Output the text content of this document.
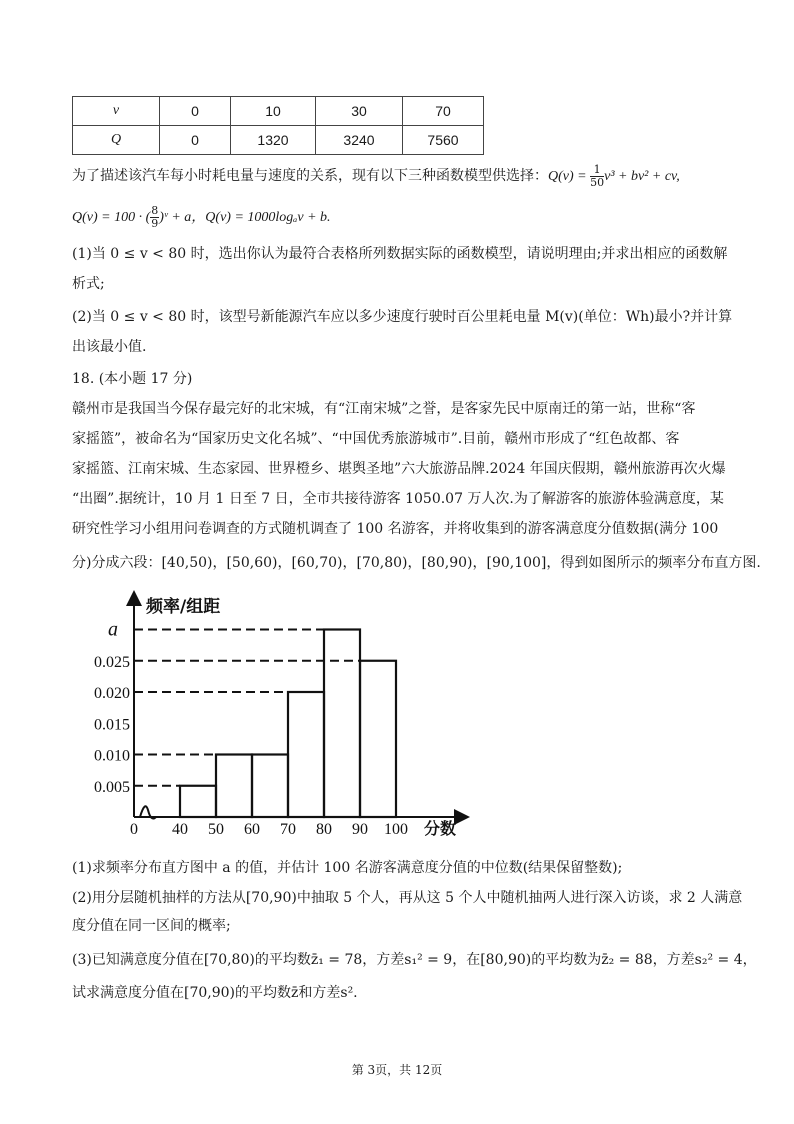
v	0	10	30	70
Q	0	1320	3240	7560
为了描述该汽车每小时耗电量与速度的关系，现有以下三种函数模型供选择：$Q(v) = \frac{1}{50} v^3 + bv^2$ + cv,
Q(v) = 100 · ( $\frac{8}{9}$ )ᵛ + a，Q(v) = 1000logₐv + b.
(1)当 0 ≤ v < 80 时，选出你认为最符合表格所列数据实际的函数模型，请说明理由;并求出相应的函数解
析式;
(2)当 0 ≤ v < 80 时，该型号新能源汽车应以多少速度行驶时百公里耗电量 M(v)(单位：Wh)最小?并计算
出该最小值.
18. (本小题 17 分)
赣州市是我国当今保存最完好的北宋城，有“江南宋城”之誉，是客家先民中原南迁的第一站，世称“客
家摇篮”，被命名为“国家历史文化名城”、“中国优秀旅游城市”.目前，赣州市形成了“红色故都、客
家摇篮、江南宋城、生态家园、世界橙乡、堪舆圣地”六大旅游品牌.2024 年国庆假期，赣州旅游再次火爆
“出圈”.据统计，10 月 1 日至 7 日，全市共接待游客 1050.07 万人次.为了解游客的旅游体验满意度，某
研究性学习小组用问卷调查的方式随机调查了 100 名游客，并将收集到的游客满意度分值数据(满分 100
分)分成六段：[40,50)，[50,60)，[60,70)，[70,80)，[80,90)，[90,100]，得到如图所示的频率分布直方图.
a
0.025
0.020
0.015
0.010
0.005
0 40 50 60 70 80 90 100
频率/组距
分数
(1)求频率分布直方图中 a 的值，并估计 100 名游客满意度分值的中位数(结果保留整数);
(2)用分层随机抽样的方法从[70,90)中抽取 5 个人，再从这 5 个人中随机抽两人进行深入访谈，求 2 人满意
度分值在同一区间的概率;
(3)已知满意度分值在[70,80)的平均数z̄₁ = 78，方差s₁² = 9，在[80,90)的平均数为z̄₂ = 88，方差s₂² = 4，
试求满意度分值在[70,90)的平均数z̄和方差s².
第 3页，共 12页
